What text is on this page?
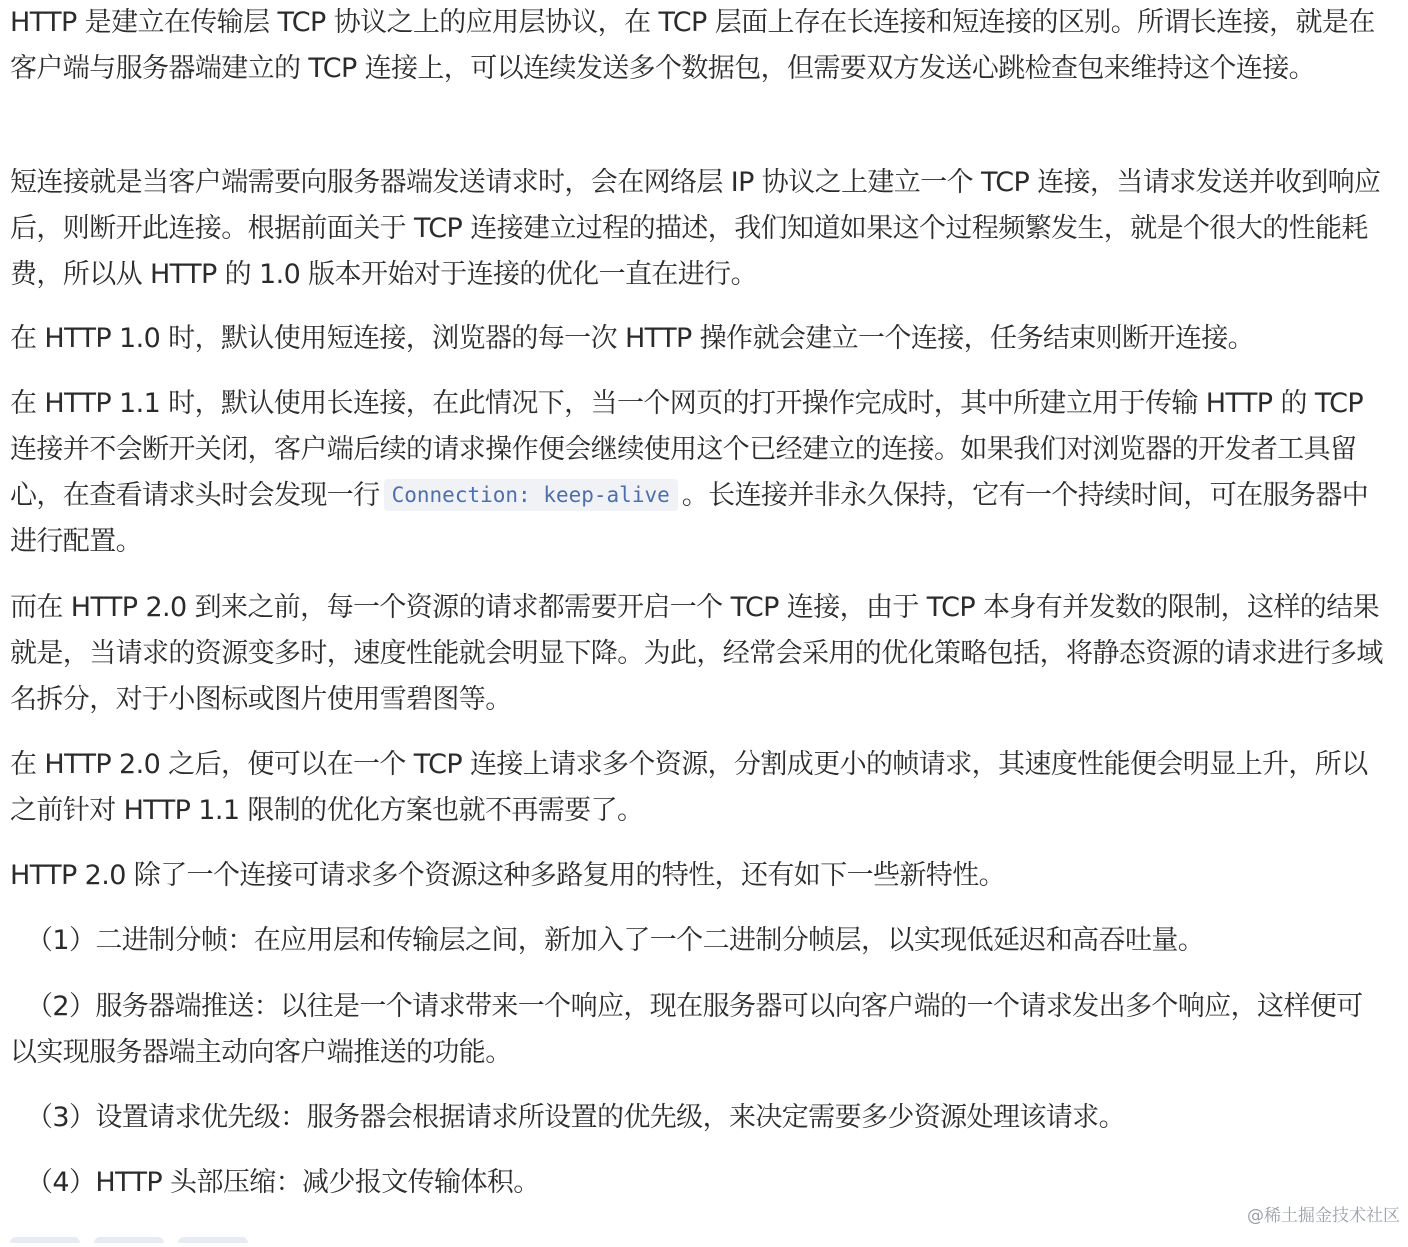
HTTP 是建立在传输层 TCP 协议之上的应用层协议，在 TCP 层面上存在长连接和短连接的区别。所谓长连接，就是在客户端与服务器端建立的 TCP 连接上，可以连续发送多个数据包，但需要双方发送心跳检查包来维持这个连接。
短连接就是当客户端需要向服务器端发送请求时，会在网络层 IP 协议之上建立一个 TCP 连接，当请求发送并收到响应后，则断开此连接。根据前面关于 TCP 连接建立过程的描述，我们知道如果这个过程频繁发生，就是个很大的性能耗费，所以从 HTTP 的 1.0 版本开始对于连接的优化一直在进行。
在 HTTP 1.0 时，默认使用短连接，浏览器的每一次 HTTP 操作就会建立一个连接，任务结束则断开连接。
在 HTTP 1.1 时，默认使用长连接，在此情况下，当一个网页的打开操作完成时，其中所建立用于传输 HTTP 的 TCP 连接并不会断开关闭，客户端后续的请求操作便会继续使用这个已经建立的连接。如果我们对浏览器的开发者工具留心，在查看请求头时会发现一行 Connection: keep-alive 。长连接并非永久保持，它有一个持续时间，可在服务器中进行配置。
而在 HTTP 2.0 到来之前，每一个资源的请求都需要开启一个 TCP 连接，由于 TCP 本身有并发数的限制，这样的结果就是，当请求的资源变多时，速度性能就会明显下降。为此，经常会采用的优化策略包括，将静态资源的请求进行多域名拆分，对于小图标或图片使用雪碧图等。
在 HTTP 2.0 之后，便可以在一个 TCP 连接上请求多个资源，分割成更小的帧请求，其速度性能便会明显上升，所以之前针对 HTTP 1.1 限制的优化方案也就不再需要了。
HTTP 2.0 除了一个连接可请求多个资源这种多路复用的特性，还有如下一些新特性。
（1）二进制分帧：在应用层和传输层之间，新加入了一个二进制分帧层，以实现低延迟和高吞吐量。
（2）服务器端推送：以往是一个请求带来一个响应，现在服务器可以向客户端的一个请求发出多个响应，这样便可以实现服务器端主动向客户端推送的功能。
（3）设置请求优先级：服务器会根据请求所设置的优先级，来决定需要多少资源处理该请求。
（4）HTTP 头部压缩：减少报文传输体积。
@稀土掘金技术社区
